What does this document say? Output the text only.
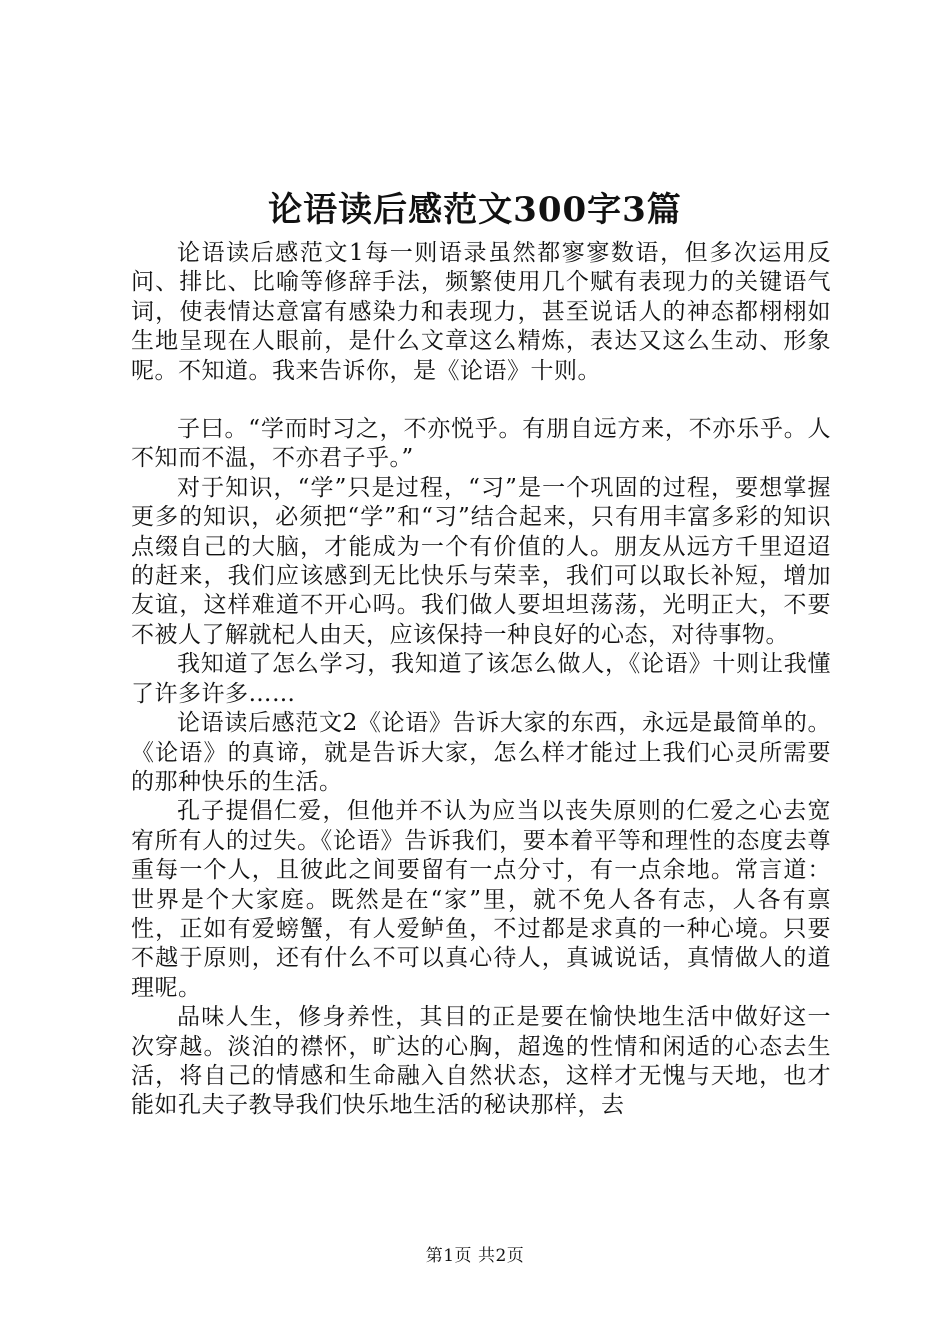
论语读后感范文300字3篇

论语读后感范文1每一则语录虽然都寥寥数语，但多次运用反问、排比、比喻等修辞手法，频繁使用几个赋有表现力的关键语气词，使表情达意富有感染力和表现力，甚至说话人的神态都栩栩如生地呈现在人眼前，是什么文章这么精炼，表达又这么生动、形象呢。不知道。我来告诉你，是《论语》十则。

子曰。“学而时习之，不亦悦乎。有朋自远方来，不亦乐乎。人不知而不温，不亦君子乎。”

对于知识，“学”只是过程，“习”是一个巩固的过程，要想掌握更多的知识，必须把“学”和“习”结合起来，只有用丰富多彩的知识点缀自己的大脑，才能成为一个有价值的人。朋友从远方千里迢迢的赶来，我们应该感到无比快乐与荣幸，我们可以取长补短，增加友谊，这样难道不开心吗。我们做人要坦坦荡荡，光明正大，不要不被人了解就杞人由天，应该保持一种良好的心态，对待事物。

我知道了怎么学习，我知道了该怎么做人，《论语》十则让我懂了许多许多……

论语读后感范文2《论语》告诉大家的东西，永远是最简单的。《论语》的真谛，就是告诉大家，怎么样才能过上我们心灵所需要的那种快乐的生活。

孔子提倡仁爱，但他并不认为应当以丧失原则的仁爱之心去宽宥所有人的过失。《论语》告诉我们，要本着平等和理性的态度去尊重每一个人，且彼此之间要留有一点分寸，有一点余地。常言道：世界是个大家庭。既然是在“家”里，就不免人各有志，人各有禀性，正如有爱螃蟹，有人爱鲈鱼，不过都是求真的一种心境。只要不越于原则，还有什么不可以真心待人，真诚说话，真情做人的道理呢。

品味人生，修身养性，其目的正是要在愉快地生活中做好这一次穿越。淡泊的襟怀，旷达的心胸，超逸的性情和闲适的心态去生活，将自己的情感和生命融入自然状态，这样才无愧与天地，也才能如孔夫子教导我们快乐地生活的秘诀那样，去

第1页 共2页
